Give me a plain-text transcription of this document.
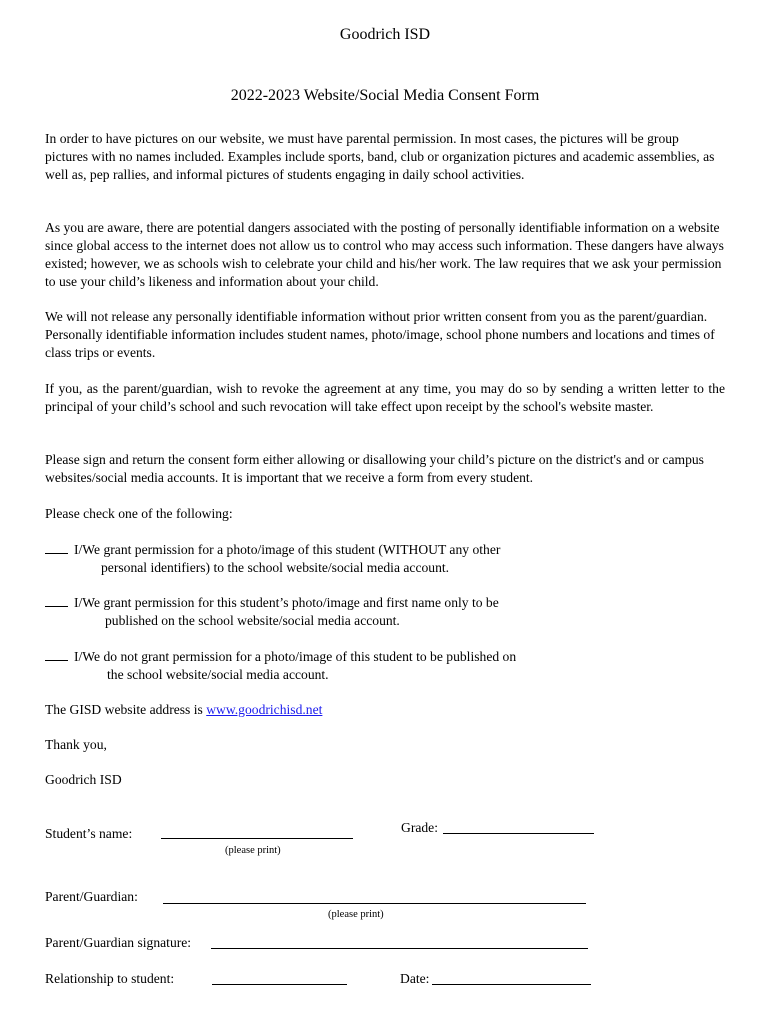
Goodrich ISD
2022-2023 Website/Social Media Consent Form

In order to have pictures on our website, we must have parental permission. In most cases, the pictures will be group pictures with no names included. Examples include sports, band, club or organization pictures and academic assemblies, as well as, pep rallies, and informal pictures of students engaging in daily school activities.

As you are aware, there are potential dangers associated with the posting of personally identifiable information on a website since global access to the internet does not allow us to control who may access such information. These dangers have always existed; however, we as schools wish to celebrate your child and his/her work. The law requires that we ask your permission to use your child’s likeness and information about your child.

We will not release any personally identifiable information without prior written consent from you as the parent/guardian. Personally identifiable information includes student names, photo/image, school phone numbers and locations and times of class trips or events.

If you, as the parent/guardian, wish to revoke the agreement at any time, you may do so by sending a written letter to the principal of your child’s school and such revocation will take effect upon receipt by the school's website master.

Please sign and return the consent form either allowing or disallowing your child’s picture on the district's and or campus websites/social media accounts. It is important that we receive a form from every student.

Please check one of the following:
I/We grant permission for a photo/image of this student (WITHOUT any other
personal identifiers) to the school website/social media account.
I/We grant permission for this student’s photo/image and first name only to be
published on the school website/social media account.
I/We do not grant permission for a photo/image of this student to be published on
the school website/social media account.
The GISD website address is www.goodrichisd.net
Thank you,
Goodrich ISD
Student’s name:
(please print)
Grade:
Parent/Guardian:
(please print)
Parent/Guardian signature:
Relationship to student:	Date:
